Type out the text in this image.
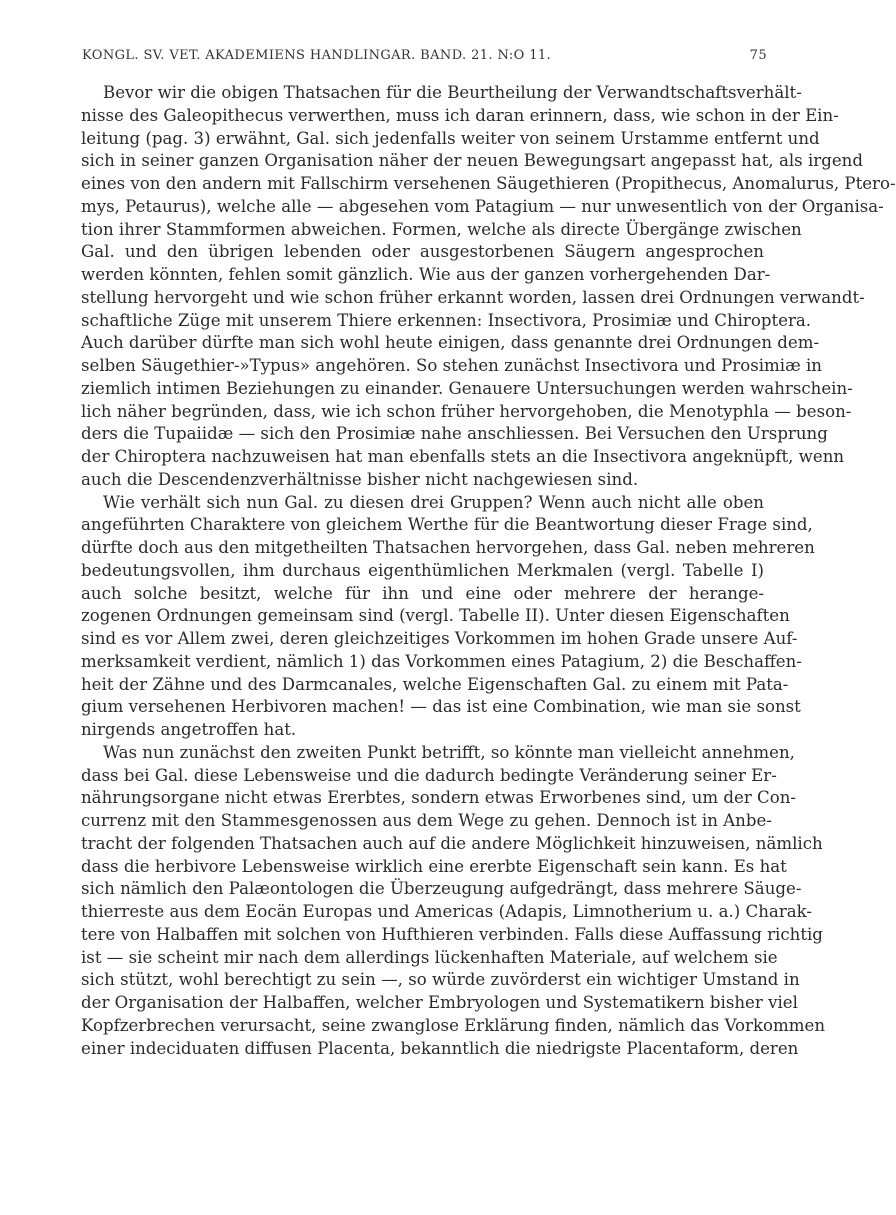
KONGL. SV. VET. AKADEMIENS HANDLINGAR. BAND. 21. N:O 11.	75
Bevor wir die obigen Thatsachen für die Beurtheilung der Verwandtschaftsverhält-
nisse des Galeopithecus verwerthen, muss ich daran erinnern, dass, wie schon in der Ein-
leitung (pag. 3) erwähnt, Gal. sich jedenfalls weiter von seinem Urstamme entfernt und
sich in seiner ganzen Organisation näher der neuen Bewegungsart angepasst hat, als irgend
eines von den andern mit Fallschirm versehenen Säugethieren (Propithecus, Anomalurus, Ptero-
mys, Petaurus), welche alle — abgesehen vom Patagium — nur unwesentlich von der Organisa-
tion ihrer Stammformen abweichen. Formen, welche als directe Übergänge zwischen
Gal. und den übrigen lebenden oder ausgestorbenen Säugern angesprochen
werden könnten, fehlen somit gänzlich. Wie aus der ganzen vorhergehenden Dar-
stellung hervorgeht und wie schon früher erkannt worden, lassen drei Ordnungen verwandt-
schaftliche Züge mit unserem Thiere erkennen: Insectivora, Prosimiæ und Chiroptera.
Auch darüber dürfte man sich wohl heute einigen, dass genannte drei Ordnungen dem-
selben Säugethier-»Typus» angehören. So stehen zunächst Insectivora und Prosimiæ in
ziemlich intimen Beziehungen zu einander. Genauere Untersuchungen werden wahrschein-
lich näher begründen, dass, wie ich schon früher hervorgehoben, die Menotyphla — beson-
ders die Tupaiidæ — sich den Prosimiæ nahe anschliessen. Bei Versuchen den Ursprung
der Chiroptera nachzuweisen hat man ebenfalls stets an die Insectivora angeknüpft, wenn
auch die Descendenzverhältnisse bisher nicht nachgewiesen sind.
Wie verhält sich nun Gal. zu diesen drei Gruppen? Wenn auch nicht alle oben
angeführten Charaktere von gleichem Werthe für die Beantwortung dieser Frage sind,
dürfte doch aus den mitgetheilten Thatsachen hervorgehen, dass Gal. neben mehreren
bedeutungsvollen, ihm durchaus eigenthümlichen Merkmalen (vergl. Tabelle I)
auch solche besitzt, welche für ihn und eine oder mehrere der herange-
zogenen Ordnungen gemeinsam sind (vergl. Tabelle II). Unter diesen Eigenschaften
sind es vor Allem zwei, deren gleichzeitiges Vorkommen im hohen Grade unsere Auf-
merksamkeit verdient, nämlich 1) das Vorkommen eines Patagium, 2) die Beschaffen-
heit der Zähne und des Darmcanales, welche Eigenschaften Gal. zu einem mit Pata-
gium versehenen Herbivoren machen! — das ist eine Combination, wie man sie sonst
nirgends angetroffen hat.
Was nun zunächst den zweiten Punkt betrifft, so könnte man vielleicht annehmen,
dass bei Gal. diese Lebensweise und die dadurch bedingte Veränderung seiner Er-
nährungsorgane nicht etwas Ererbtes, sondern etwas Erworbenes sind, um der Con-
currenz mit den Stammesgenossen aus dem Wege zu gehen. Dennoch ist in Anbe-
tracht der folgenden Thatsachen auch auf die andere Möglichkeit hinzuweisen, nämlich
dass die herbivore Lebensweise wirklich eine ererbte Eigenschaft sein kann. Es hat
sich nämlich den Palæontologen die Überzeugung aufgedrängt, dass mehrere Säuge-
thierreste aus dem Eocän Europas und Americas (Adapis, Limnotherium u. a.) Charak-
tere von Halbaffen mit solchen von Hufthieren verbinden. Falls diese Auffassung richtig
ist — sie scheint mir nach dem allerdings lückenhaften Materiale, auf welchem sie
sich stützt, wohl berechtigt zu sein —, so würde zuvörderst ein wichtiger Umstand in
der Organisation der Halbaffen, welcher Embryologen und Systematikern bisher viel
Kopfzerbrechen verursacht, seine zwanglose Erklärung finden, nämlich das Vorkommen
einer indeciduaten diffusen Placenta, bekanntlich die niedrigste Placentaform, deren
